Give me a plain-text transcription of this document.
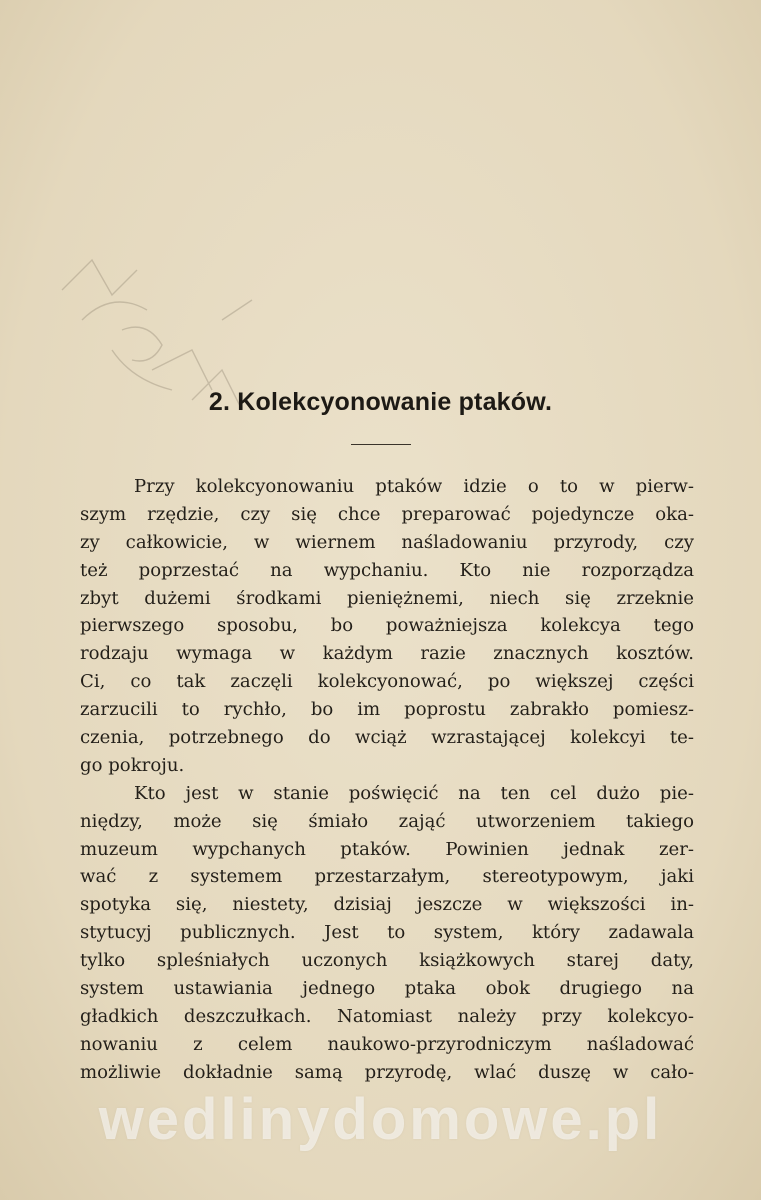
2. Kolekcyonowanie ptaków.
Przy kolekcyonowaniu ptaków idzie o to w pierw-
szym rzędzie, czy się chce preparować pojedyncze oka-
zy całkowicie, w wiernem naśladowaniu przyrody, czy
też poprzestać na wypchaniu. Kto nie rozporządza
zbyt dużemi środkami pieniężnemi, niech się zrzeknie
pierwszego sposobu, bo poważniejsza kolekcya tego
rodzaju wymaga w każdym razie znacznych kosztów.
Ci, co tak zaczęli kolekcyonować, po większej części
zarzucili to rychło, bo im poprostu zabrakło pomiesz-
czenia, potrzebnego do wciąż wzrastającej kolekcyi te-
go pokroju.
Kto jest w stanie poświęcić na ten cel dużo pie-
niędzy, może się śmiało zająć utworzeniem takiego
muzeum wypchanych ptaków. Powinien jednak zer-
wać z systemem przestarzałym, stereotypowym, jaki
spotyka się, niestety, dzisiaj jeszcze w większości in-
stytucyj publicznych. Jest to system, który zadawala
tylko spleśniałych uczonych książkowych starej daty,
system ustawiania jednego ptaka obok drugiego na
gładkich deszczułkach. Natomiast należy przy kolekcyo-
nowaniu z celem naukowo-przyrodniczym naśladować
możliwie dokładnie samą przyrodę, wlać duszę w cało-
wedlinydomowe.pl
